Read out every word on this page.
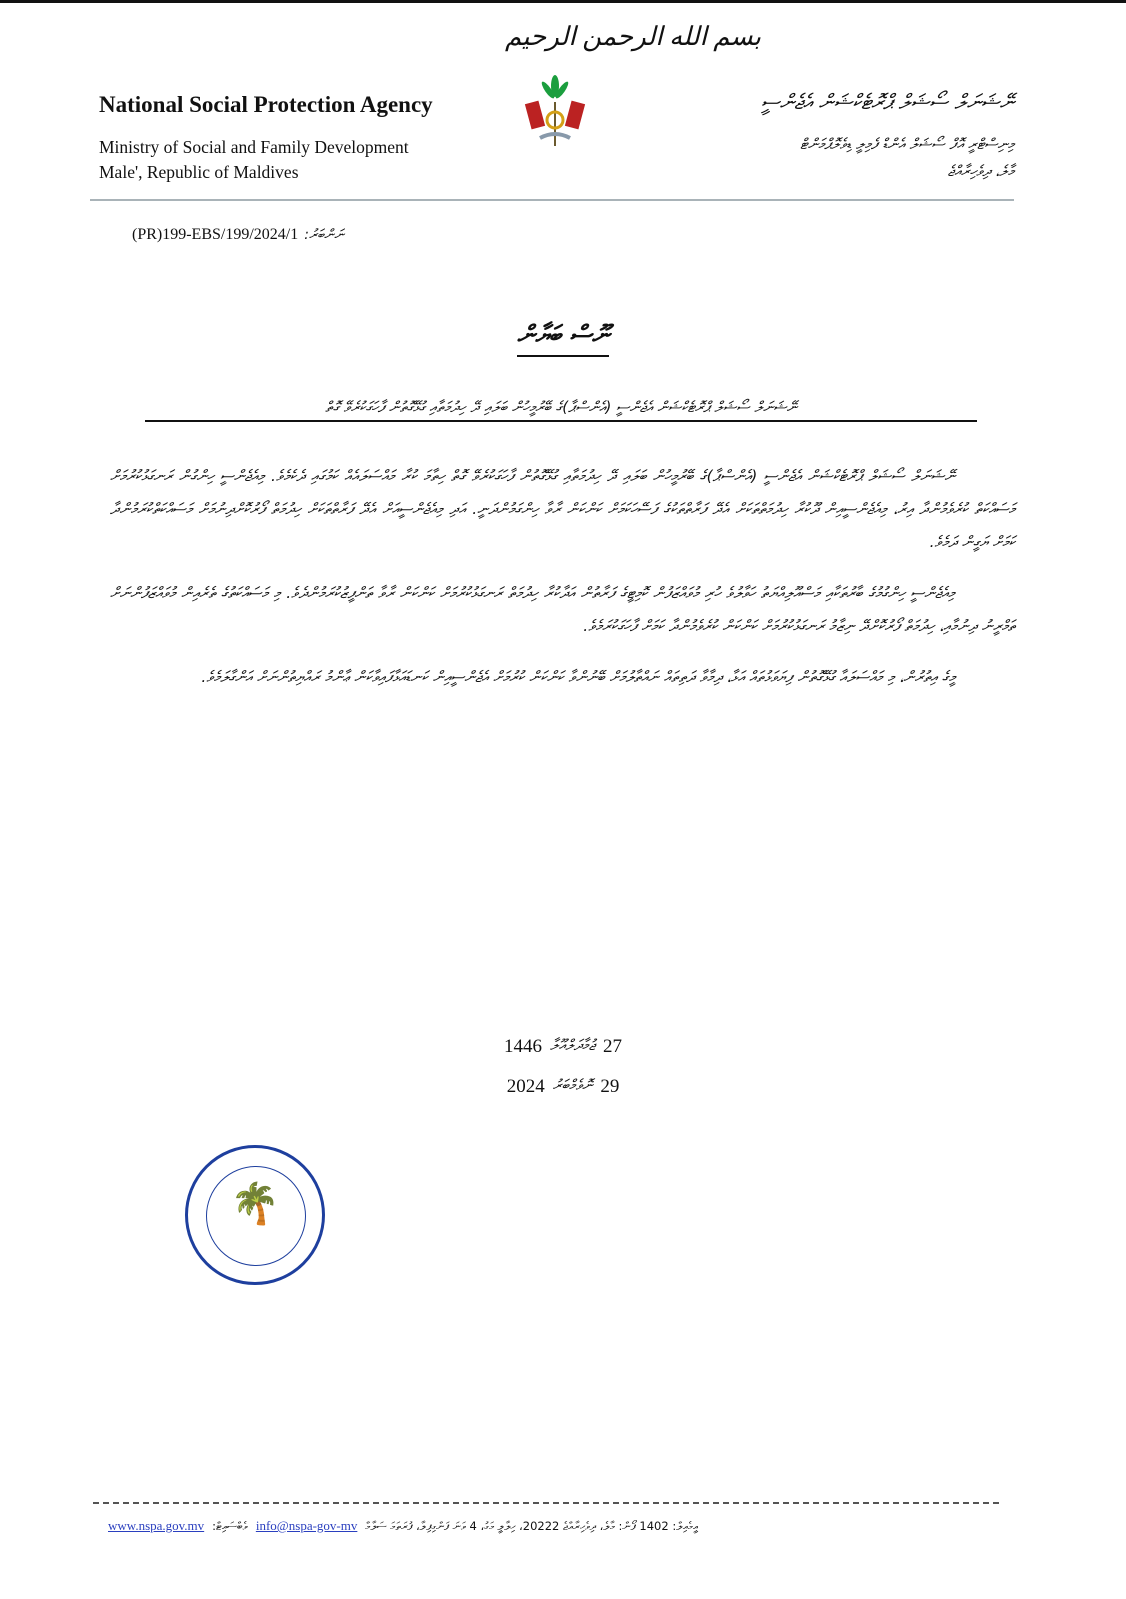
بسم الله الرحمن الرحيم
National Social Protection Agency
Ministry of Social and Family Development
Male', Republic of Maldives
ނޭޝަނަލް ސޯޝަލް ޕްރޮޓެކްޝަން އެޖެންސީ
މިނިސްޓްރީ އޮފް ސޯޝަލް އެންޑް ފެމިލީ ޑިވެލޮޕްމަންޓް
މާލެ، ދިވެހިރާއްޖެ
(PR)199-EBS/199/2024/1 ނަންބަރު:
ނޫސް ބަޔާން
ނޭޝަނަލް ސޯޝަލް ޕްރޮޓެކްޝަން އެޖެންސީ (އެންސްޕާ)ގެ ބޭރުމީހުން ބަލައި ދޭ ހިދުމަތާއި ގުޅޭގޮތުން ފާހަގަކުރެވޭ ގޮތް

ނޭޝަނަލް ސޯޝަލް ޕްރޮޓެކްޝަން އެޖެންސީ (އެންސްޕާ)ގެ ބޭރުމީހުން ބަލައި ދޭ ހިދުމަތާއި ގުޅޭގޮތުން ފާހަގަކުރެވޭ ގޮތް ހިތާމަ ކުރާ މައްސަލައެއް ކަމުގައި ދެކެމެވެ. މިއެޖެންސީ ހިންގުން ރަނގަޅުކުރުމަށް މަސައްކަތް ކުރެވެމުންދާ އިރު، މިއެޖެންސީއިން ދޫކުރާ ހިދުމަތްތަކަށް އެދޭ ފަރާތްތަކުގެ ފަސޭހަކަމަށް ކަންކަން ރާވާ ހިންގަމުންދަނީ. އަދި މިއެޖެންސީއަށް އެދޭ ފަރާތްތަކަށް ހިދުމަތް ފޯރުކޮށްދިނުމަށް މަސައްކަތްކުރަމުންދާ ކަމަށް ޔަގީން ދަމެވެ.

މިއެޖެންސީ ހިންގުމުގެ ބާރުތަކާއި މަސްއޫލިއްޔަތު ހަވާލުވެ ހުރި މުވައްޒަފުން ކޮމިޓީގެ ފަރާތުން އަދާކުރާ ހިދުމަތް ރަނގަޅުކުރުމަށް ކަންކަން ރާވާ ތަންފީޒުކުރަމުންދެވެ. މި މަސައްކަތުގެ ތެރެއިން މުވައްޒަފުންނަށް ތަމްރީނު ދިނުމާއި، ހިދުމަތް ފޯރުކޮށްދޭ ނިޒާމު ރަނގަޅުކުރުމަށް ކަންކަން ކުރެވެމުންދާ ކަމަށް ފާހަގަކުރަމެވެ.

މީގެ އިތުރުން، މި މައްސަލައާ ގުޅޭގޮތުން ފިޔަވަޅުތައް އަޅާ، ދިމާވާ ދަތިތައް ނައްތާލުމަށް ބޭނުންވާ ކަންކަން ކުރުމަށް އެޖެންސީއިން ކަނޑައަޅާފައިވާކަން ޢާންމު ރައްޔިތުންނަށް އަންގާލަމެވެ.

1446 ޖުމާދަލްއޫލާ 27
2024 ނޮވެމްބަރު 29
🌴
www.nspa.gov.mv ވެބްސައިޓް: info@nspa-gov-mv އީމެއިލް: 1402 ފޯން: މާލެ، ދިވެހިރާއްޖެ 20222، ހިލާލީ މަގު، 4 ވަނަ ފަންގިފިލާ، ފުރަތަމަ ސަލާމް
